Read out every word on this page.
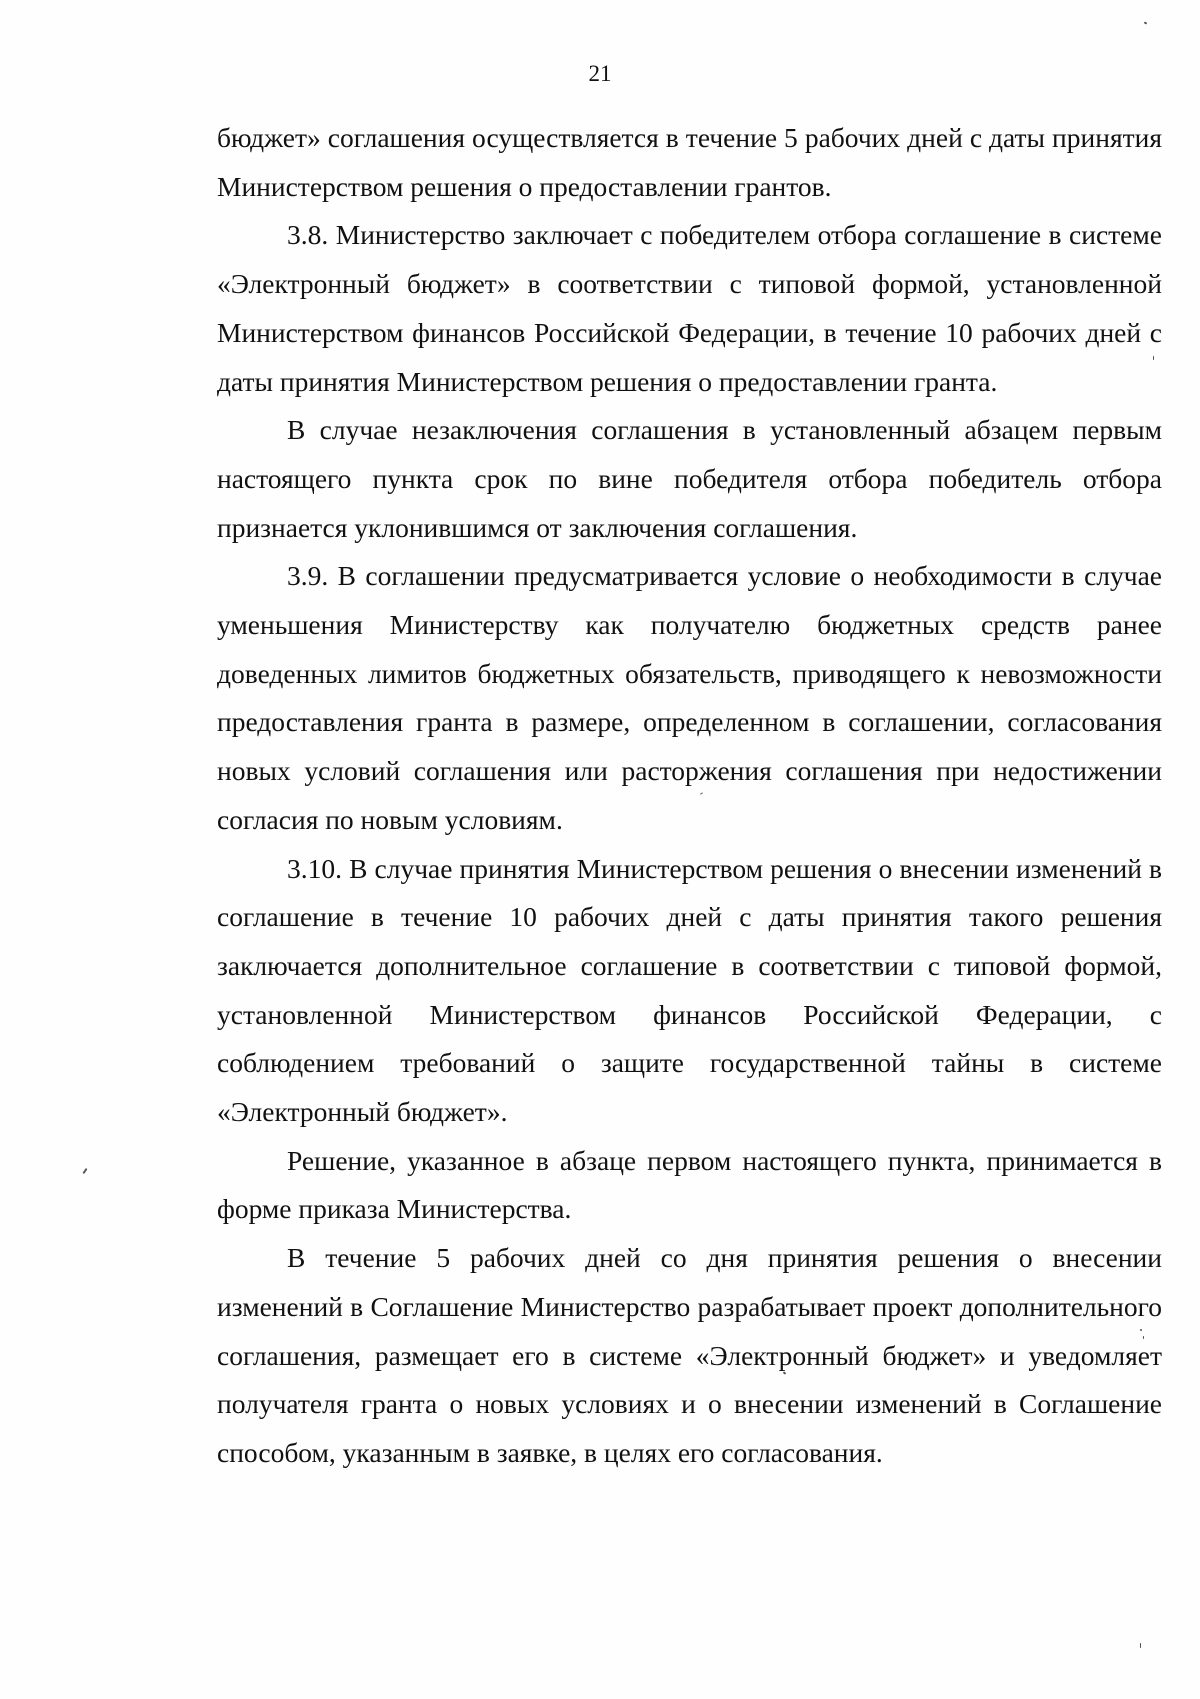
21

бюджет» соглашения осуществляется в течение 5 рабочих дней с даты принятия Министерством решения о предоставлении грантов.

3.8. Министерство заключает с победителем отбора соглашение в системе «Электронный бюджет» в соответствии с типовой формой, установленной Министерством финансов Российской Федерации, в течение 10 рабочих дней с даты принятия Министерством решения о предоставлении гранта.

В случае незаключения соглашения в установленный абзацем первым настоящего пункта срок по вине победителя отбора победитель отбора признается уклонившимся от заключения соглашения.

3.9. В соглашении предусматривается условие о необходимости в случае уменьшения Министерству как получателю бюджетных средств ранее доведенных лимитов бюджетных обязательств, приводящего к невозможности предоставления гранта в размере, определенном в соглашении, согласования новых условий соглашения или расторжения соглашения при недостижении согласия по новым условиям.

3.10. В случае принятия Министерством решения о внесении изменений в соглашение в течение 10 рабочих дней с даты принятия такого решения заключается дополнительное соглашение в соответствии с типовой формой, установленной Министерством финансов Российской Федерации, с соблюдением требований о защите государственной тайны в системе «Электронный бюджет».

Решение, указанное в абзаце первом настоящего пункта, принимается в форме приказа Министерства.

В течение 5 рабочих дней со дня принятия решения о внесении изменений в Соглашение Министерство разрабатывает проект дополнительного соглашения, размещает его в системе «Электронный бюджет» и уведомляет получателя гранта о новых условиях и о внесении изменений в Соглашение способом, указанным в заявке, в целях его согласования.
